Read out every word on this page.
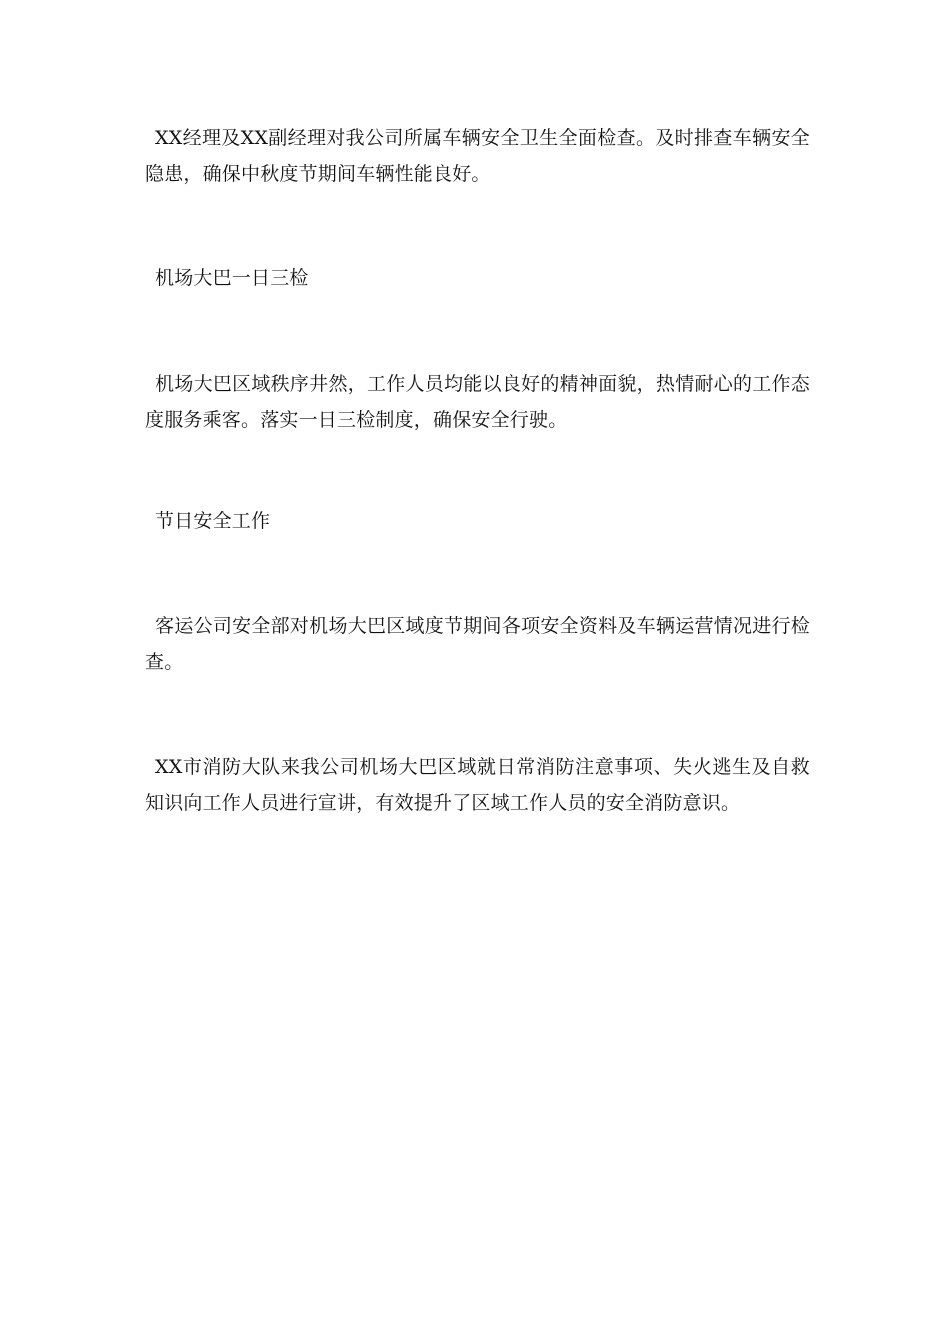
XX经理及XX副经理对我公司所属车辆安全卫生全面检查。及时排查车辆安全隐患，确保中秋度节期间车辆性能良好。

机场大巴一日三检

机场大巴区域秩序井然，工作人员均能以良好的精神面貌，热情耐心的工作态度服务乘客。落实一日三检制度，确保安全行驶。

节日安全工作

客运公司安全部对机场大巴区域度节期间各项安全资料及车辆运营情况进行检查。

XX市消防大队来我公司机场大巴区域就日常消防注意事项、失火逃生及自救知识向工作人员进行宣讲，有效提升了区域工作人员的安全消防意识。
